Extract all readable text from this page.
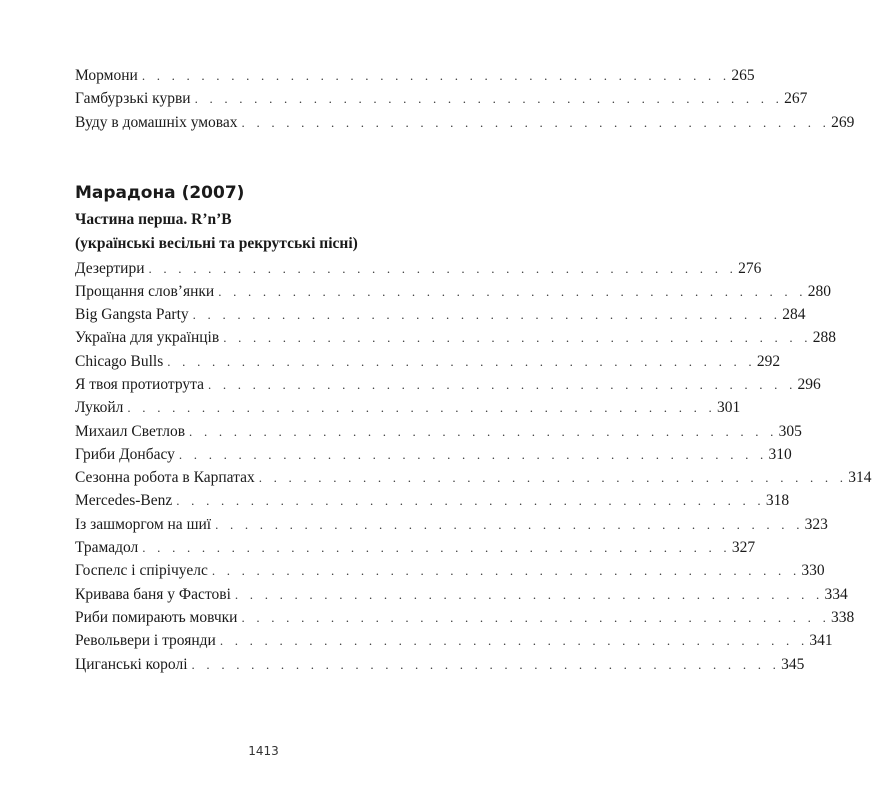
Мормони . . . . . . . . . . . . . . . . . . . . . . . . . . . . . . . . . . . . . . . . 265
Гамбурзькі курви . . . . . . . . . . . . . . . . . . . . . . . . . . . . . . . . . . . . . . . . 267
Вуду в домашніх умовах . . . . . . . . . . . . . . . . . . . . . . . . . . . . . . . . . . . . . . . . 269
Марадона (2007)
Частина перша. R’n’B
(українські весільні та рекрутські пісні)
Дезертири . . . . . . . . . . . . . . . . . . . . . . . . . . . . . . . . . . . . . . . . 276
Прощання слов’янки . . . . . . . . . . . . . . . . . . . . . . . . . . . . . . . . . . . . . . . . 280
Big Gangsta Party . . . . . . . . . . . . . . . . . . . . . . . . . . . . . . . . . . . . . . . . 284
Україна для українців . . . . . . . . . . . . . . . . . . . . . . . . . . . . . . . . . . . . . . . . 288
Chicago Bulls . . . . . . . . . . . . . . . . . . . . . . . . . . . . . . . . . . . . . . . . 292
Я твоя протиотрута . . . . . . . . . . . . . . . . . . . . . . . . . . . . . . . . . . . . . . . . 296
Лукойл . . . . . . . . . . . . . . . . . . . . . . . . . . . . . . . . . . . . . . . . 301
Михаил Светлов . . . . . . . . . . . . . . . . . . . . . . . . . . . . . . . . . . . . . . . . 305
Гриби Донбасу . . . . . . . . . . . . . . . . . . . . . . . . . . . . . . . . . . . . . . . . 310
Сезонна робота в Карпатах . . . . . . . . . . . . . . . . . . . . . . . . . . . . . . . . . . . . . . . . 314
Mercedes-Benz . . . . . . . . . . . . . . . . . . . . . . . . . . . . . . . . . . . . . . . . 318
Із зашморгом на шиї . . . . . . . . . . . . . . . . . . . . . . . . . . . . . . . . . . . . . . . . 323
Трамадол . . . . . . . . . . . . . . . . . . . . . . . . . . . . . . . . . . . . . . . . 327
Госпелс і спірічуелс . . . . . . . . . . . . . . . . . . . . . . . . . . . . . . . . . . . . . . . . 330
Кривава баня у Фастові . . . . . . . . . . . . . . . . . . . . . . . . . . . . . . . . . . . . . . . . 334
Риби помирають мовчки . . . . . . . . . . . . . . . . . . . . . . . . . . . . . . . . . . . . . . . . 338
Револьвери і троянди . . . . . . . . . . . . . . . . . . . . . . . . . . . . . . . . . . . . . . . . 341
Циганські королі . . . . . . . . . . . . . . . . . . . . . . . . . . . . . . . . . . . . . . . . 345
1413
